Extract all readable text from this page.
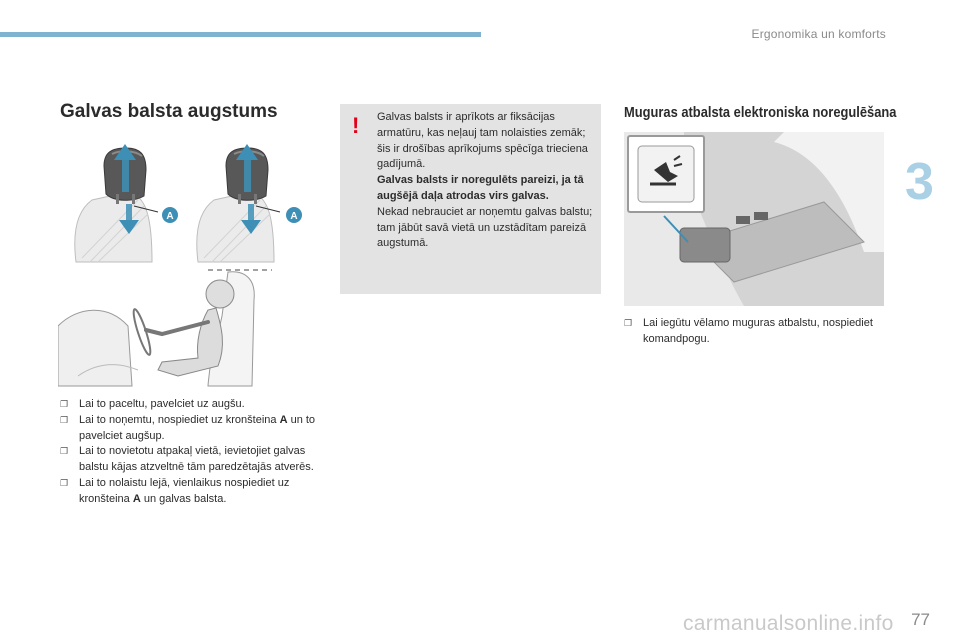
Ergonomika un komforts
3
Galvas balsta augstums
A	A
❐ Lai to paceltu, pavelciet uz augšu.
❐ Lai to noņemtu, nospiediet uz kronšteina A un to pavelciet augšup.
❐ Lai to novietotu atpakaļ vietā, ievietojiet galvas balstu kājas atzveltnē tām paredzētajās atverēs.
❐ Lai to nolaistu lejā, vienlaikus nospiediet uz kronšteina A un galvas balsta.
! Galvas balsts ir aprīkots ar fiksācijas armatūru, kas neļauj tam nolaisties zemāk; šis ir drošības aprīkojums spēcīga trieciena gadījumā.
Galvas balsts ir noregulēts pareizi, ja tā augšējā daļa atrodas virs galvas.
Nekad nebrauciet ar noņemtu galvas balstu; tam jābūt savā vietā un uzstādītam pareizā augstumā.
Muguras atbalsta elektroniska noregulēšana
❐ Lai iegūtu vēlamo muguras atbalstu, nospiediet komandpogu.
carmanualsonline.info 77
